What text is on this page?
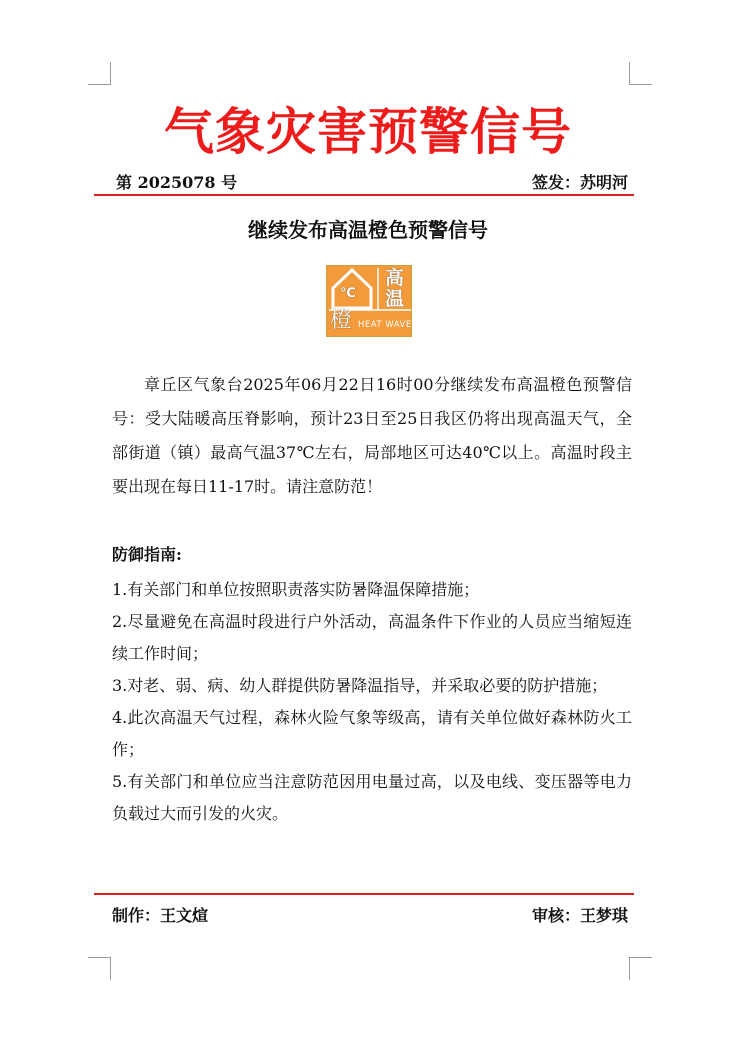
气象灾害预警信号
第 2025078 号	签发：苏明河
继续发布高温橙色预警信号
℃
高
温
橙 HEAT WAVE
章丘区气象台2025年06月22日16时00分继续发布高温橙色预警信号：受大陆暖高压脊影响，预计23日至25日我区仍将出现高温天气，全部街道（镇）最高气温37℃左右，局部地区可达40℃以上。高温时段主要出现在每日11-17时。请注意防范！
防御指南:
1.有关部门和单位按照职责落实防暑降温保障措施；
2.尽量避免在高温时段进行户外活动，高温条件下作业的人员应当缩短连续工作时间；
3.对老、弱、病、幼人群提供防暑降温指导，并采取必要的防护措施；
4.此次高温天气过程，森林火险气象等级高，请有关单位做好森林防火工作；
5.有关部门和单位应当注意防范因用电量过高，以及电线、变压器等电力负载过大而引发的火灾。
制作：王文煊	审核：王梦琪
